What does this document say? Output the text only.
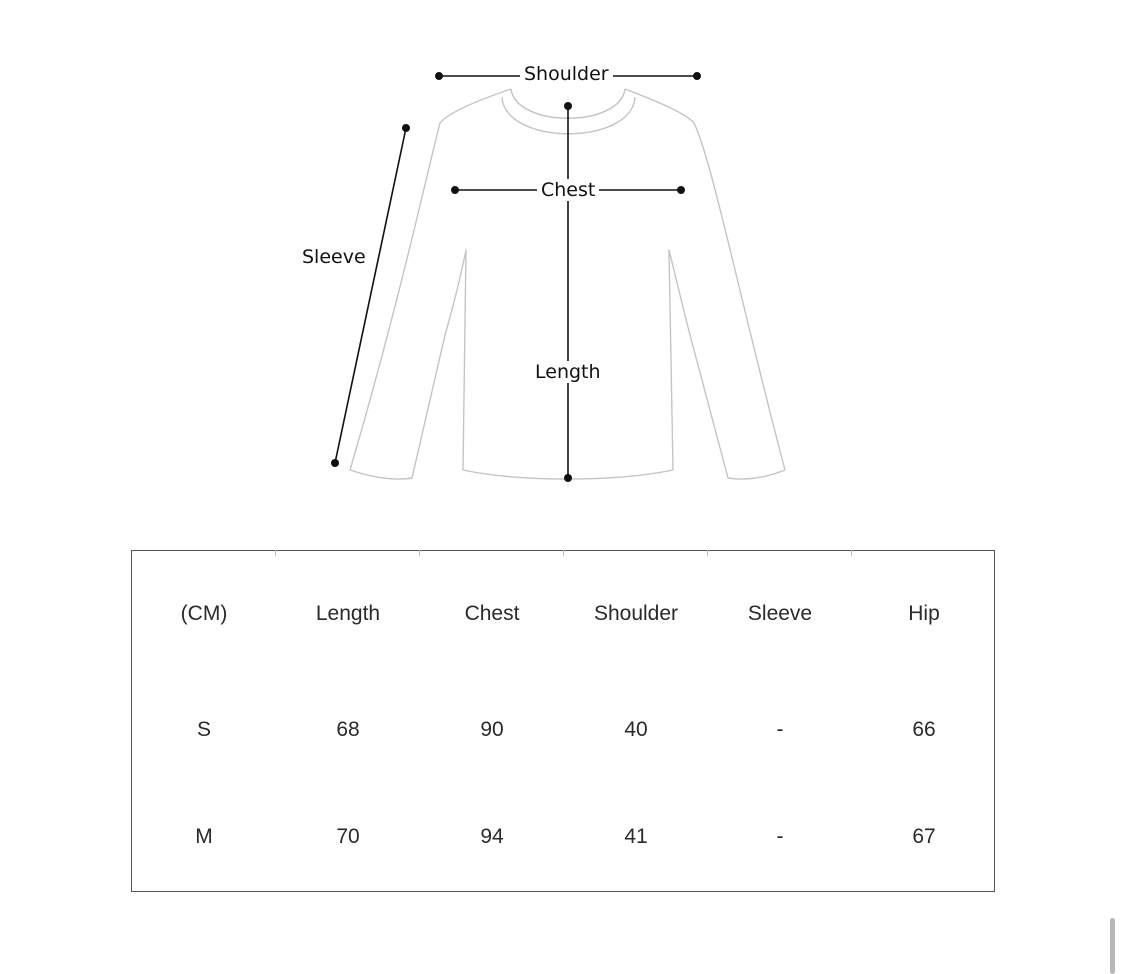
Shoulder
Chest
Sleeve
Length
(CM)	Length	Chest	Shoulder	Sleeve	Hip
S	68	90	40	-	66
M	70	94	41	-	67
